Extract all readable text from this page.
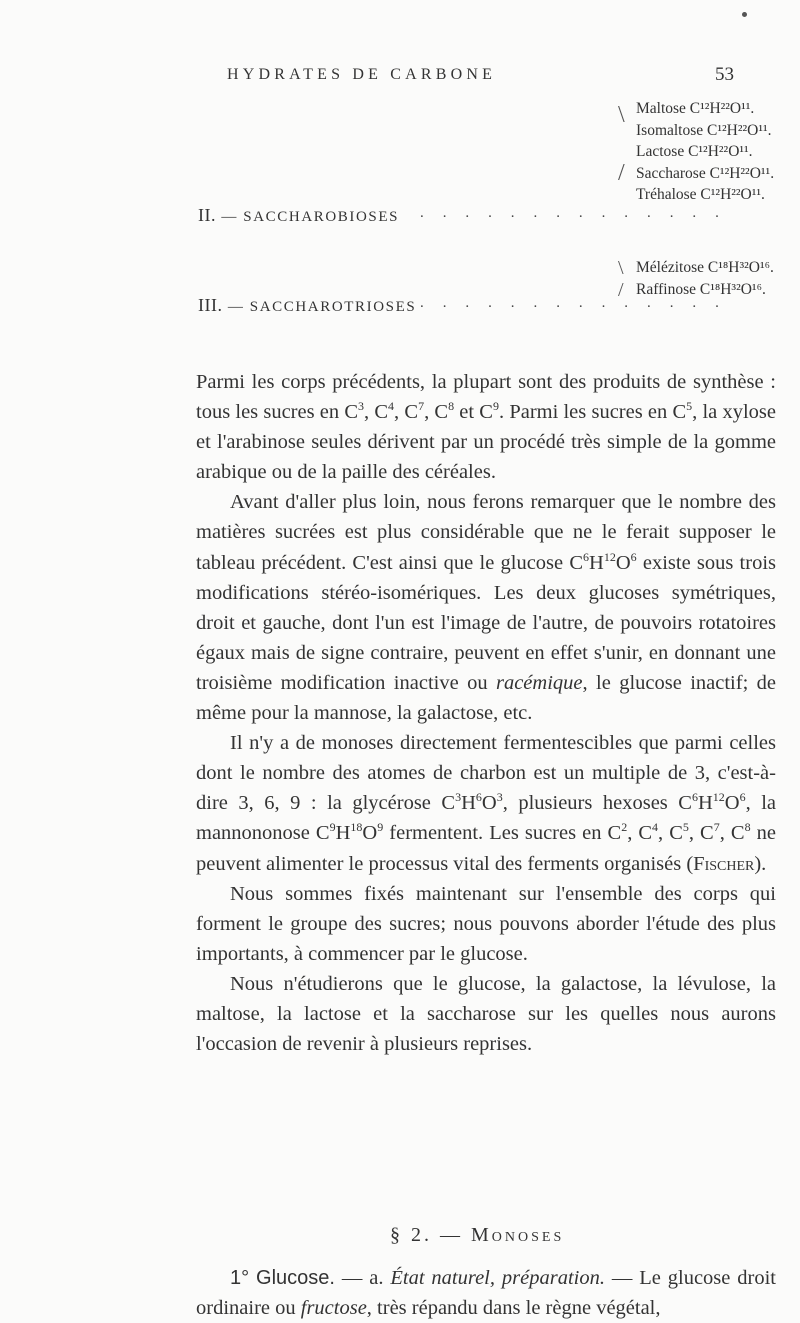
HYDRATES DE CARBONE	53
II. — SACCHAROBIOSES . . . . . . . . . . . . . .
\
/
Maltose C¹²H²²O¹¹.
Isomaltose C¹²H²²O¹¹.
Lactose C¹²H²²O¹¹.
Saccharose C¹²H²²O¹¹.
Tréhalose C¹²H²²O¹¹.
III. — SACCHAROTRIOSES . . . . . . . . . . . . . .
\
/
Mélézitose C¹⁸H³²O¹⁶.
Raffinose C¹⁸H³²O¹⁶.

Parmi les corps précédents, la plupart sont des produits de synthèse : tous les sucres en $C^3$, $C^4$, $C^7$, $C^8$ et $C^9$. Parmi les sucres en $C^5$, la xylose et l'arabinose seules dérivent par un procédé très simple de la gomme arabique ou de la paille des céréales.

Avant d'aller plus loin, nous ferons remarquer que le nombre des matières sucrées est plus considérable que ne le ferait supposer le tableau précédent. C'est ainsi que le glucose $C^6H^{12}O^6$ existe sous trois modifications stéréo-isomériques. Les deux glucoses symétriques, droit et gauche, dont l'un est l'image de l'autre, de pouvoirs rotatoires égaux mais de signe contraire, peuvent en effet s'unir, en donnant une troisième modification inactive ou racémique, le glucose inactif; de même pour la mannose, la galactose, etc.

Il n'y a de monoses directement fermentescibles que parmi celles dont le nombre des atomes de charbon est un multiple de 3, c'est-à-dire 3, 6, 9 : la glycérose $C^3H^6O^3$, plusieurs hexoses $C^6H^{12}O^6$, la mannononose $C^9H^{18}O^9$ fermentent. Les sucres en $C^2$, $C^4$, $C^5$, $C^7$, $C^8$ ne peuvent alimenter le processus vital des ferments organisés (Fischer).

Nous sommes fixés maintenant sur l'ensemble des corps qui forment le groupe des sucres; nous pouvons aborder l'étude des plus importants, à commencer par le glucose.

Nous n'étudierons que le glucose, la galactose, la lévulose, la maltose, la lactose et la saccharose sur les quelles nous aurons l'occasion de revenir à plusieurs reprises.

§ 2. — Monoses

1° Glucose. — a. État naturel, préparation. — Le glucose droit ordinaire ou fructose, très répandu dans le règne végétal,
